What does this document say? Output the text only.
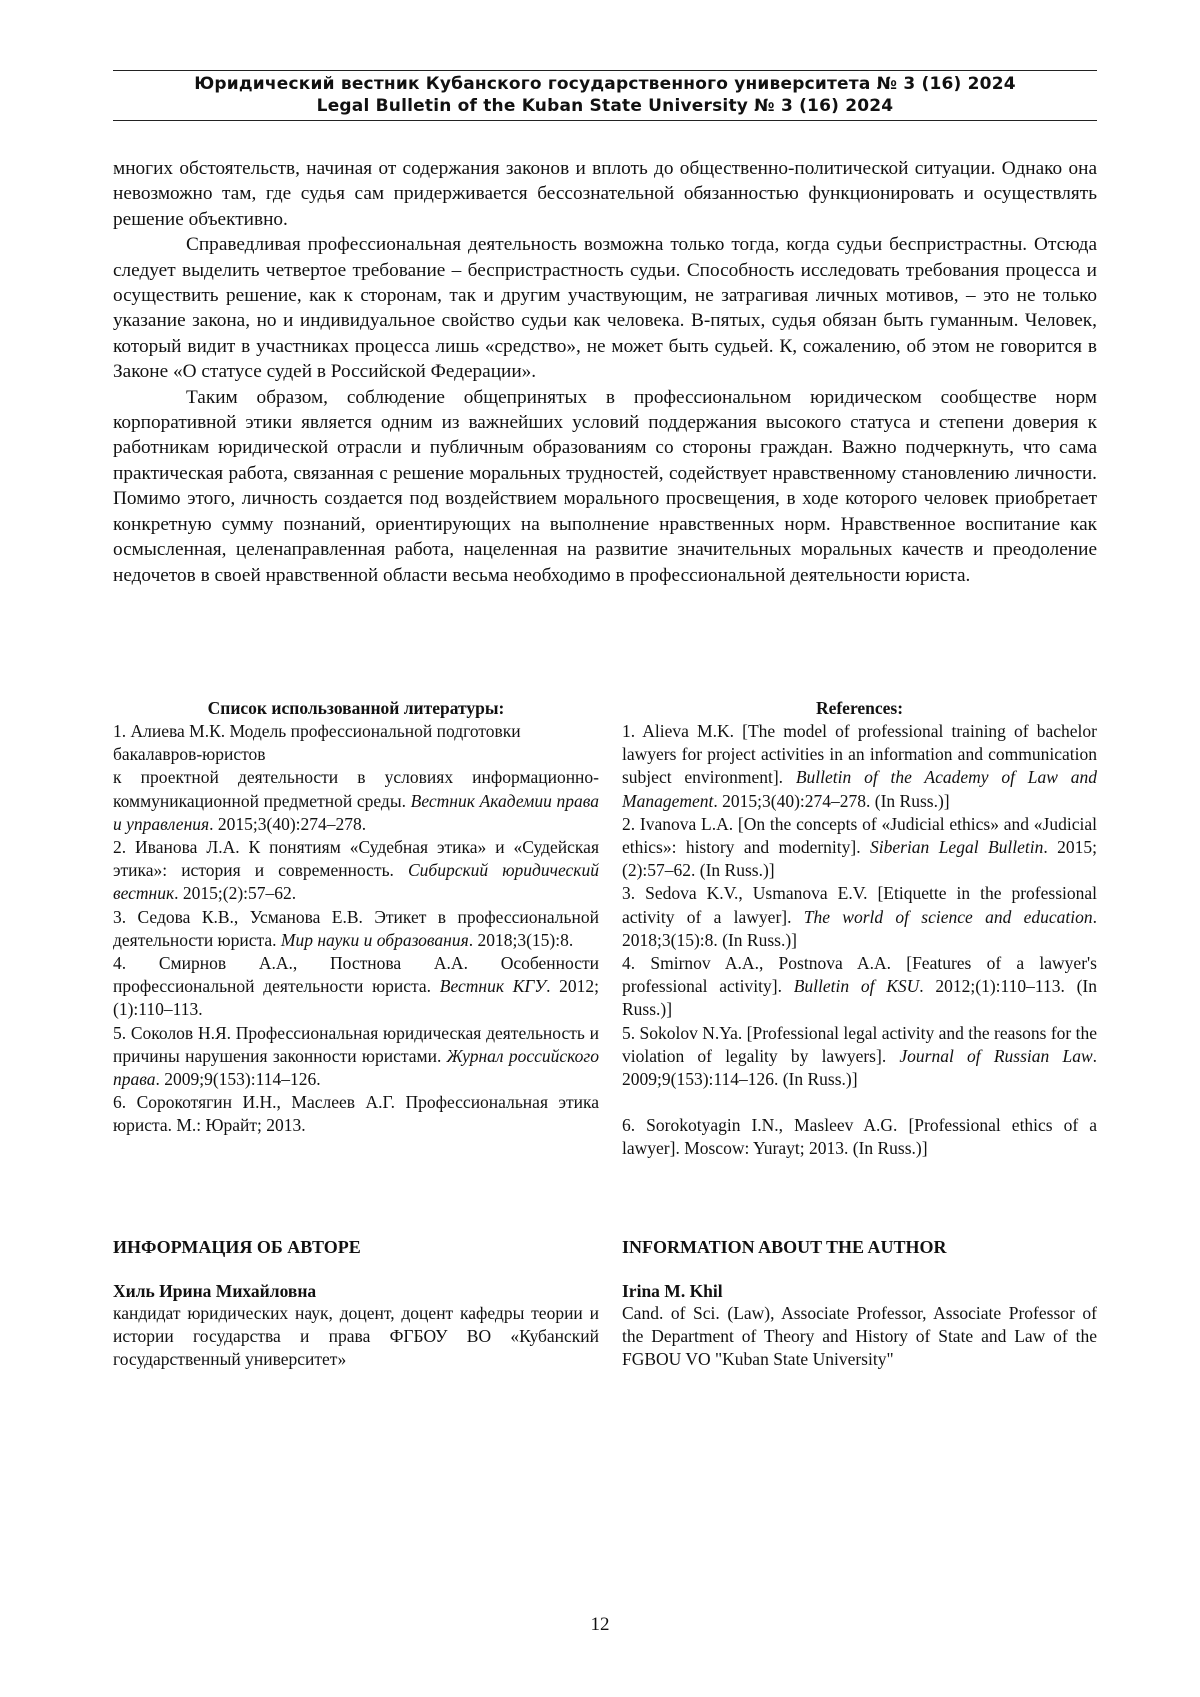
Юридический вестник Кубанского государственного университета № 3 (16) 2024
Legal Bulletin of the Kuban State University № 3 (16) 2024

многих обстоятельств, начиная от содержания законов и вплоть до общественно-политической ситуации. Однако она невозможно там, где судья сам придерживается бессознательной обязанностью функционировать и осуществлять решение объективно.

Справедливая профессиональная деятельность возможна только тогда, когда судьи беспристрастны. Отсюда следует выделить четвертое требование – беспристрастность судьи. Способность исследовать требования процесса и осуществить решение, как к сторонам, так и другим участвующим, не затрагивая личных мотивов, – это не только указание закона, но и индивидуальное свойство судьи как человека. В-пятых, судья обязан быть гуманным. Человек, который видит в участниках процесса лишь «средство», не может быть судьей. К, сожалению, об этом не говорится в Законе «О статусе судей в Российской Федерации».

Таким образом, соблюдение общепринятых в профессиональном юридическом сообществе норм корпоративной этики является одним из важнейших условий поддержания высокого статуса и степени доверия к работникам юридической отрасли и публичным образованиям со стороны граждан. Важно подчеркнуть, что сама практическая работа, связанная с решение моральных трудностей, содействует нравственному становлению личности. Помимо этого, личность создается под воздействием морального просвещения, в ходе которого человек приобретает конкретную сумму познаний, ориентирующих на выполнение нравственных норм. Нравственное воспитание как осмысленная, целенаправленная работа, нацеленная на развитие значительных моральных качеств и преодоление недочетов в своей нравственной области весьма необходимо в профессиональной деятельности юриста.

Список использованной литературы:

1. Алиева М.К. Модель профессиональной подготовки бакалавров-юристов

к проектной деятельности в условиях информационно-коммуникационной предметной среды. Вестник Академии права и управления. 2015;3(40):274–278.

2. Иванова Л.А. К понятиям «Судебная этика» и «Судейская этика»: история и современность. Сибирский юридический вестник. 2015;(2):57–62.

3. Седова К.В., Усманова Е.В. Этикет в профессиональной деятельности юриста. Мир науки и образования. 2018;3(15):8.

4. Смирнов А.А., Постнова А.А. Особенности профессиональной деятельности юриста. Вестник КГУ. 2012;(1):110–113.

5. Соколов Н.Я. Профессиональная юридическая деятельность и причины нарушения законности юристами. Журнал российского права. 2009;9(153):114–126.

6. Сорокотягин И.Н., Маслеев А.Г. Профессиональная этика юриста. М.: Юрайт; 2013.

References:

1. Alieva M.K. [The model of professional training of bachelor lawyers for project activities in an information and communication subject environment]. Bulletin of the Academy of Law and Management. 2015;3(40):274–278. (In Russ.)]

2. Ivanova L.A. [On the concepts of «Judicial ethics» and «Judicial ethics»: history and modernity]. Siberian Legal Bulletin. 2015;(2):57–62. (In Russ.)]

3. Sedova K.V., Usmanova E.V. [Etiquette in the professional activity of a lawyer]. The world of science and education. 2018;3(15):8. (In Russ.)]

4. Smirnov A.A., Postnova A.A. [Features of a lawyer's professional activity]. Bulletin of KSU. 2012;(1):110–113. (In Russ.)]

5. Sokolov N.Ya. [Professional legal activity and the reasons for the violation of legality by lawyers]. Journal of Russian Law. 2009;9(153):114–126. (In Russ.)]

6. Sorokotyagin I.N., Masleev A.G. [Professional ethics of a lawyer]. Moscow: Yurayt; 2013. (In Russ.)]

ИНФОРМАЦИЯ ОБ АВТОРЕ
Хиль Ирина Михайловна
кандидат юридических наук, доцент, доцент кафедры теории и истории государства и права ФГБОУ ВО «Кубанский государственный университет»
INFORMATION ABOUT THE AUTHOR
Irina M. Khil
Cand. of Sci. (Law), Associate Professor, Associate Professor of the Department of Theory and History of State and Law of the FGBOU VO "Kuban State University"
12
